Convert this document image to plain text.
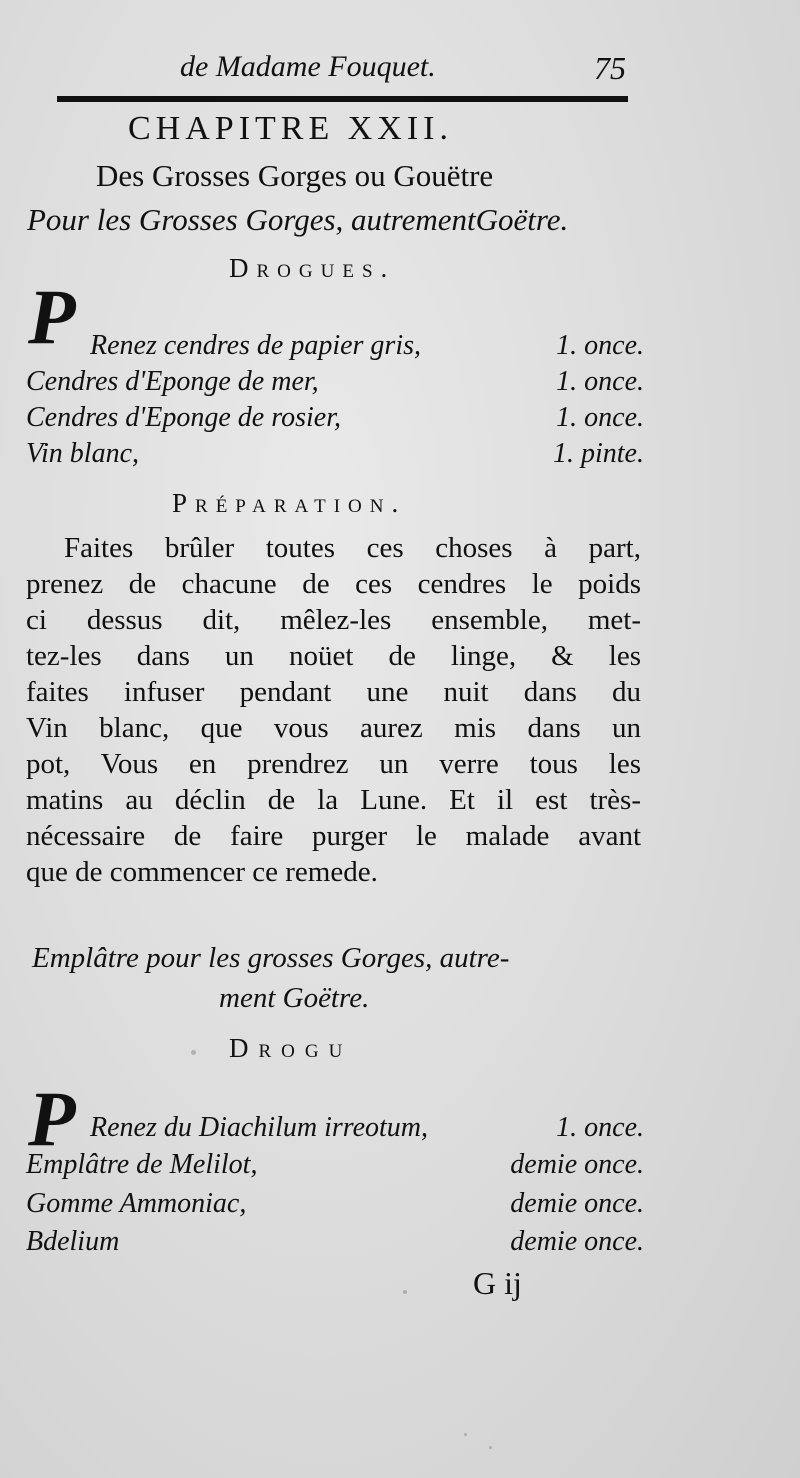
de Madame Fouquet.	75
CHAPITRE XXII.
Des Grosses Gorges ou Gouëtre
Pour les Grosses Gorges, autrementGoëtre.
Drogues.
P Renez cendres de papier gris,	1. once.
Cendres d'Eponge de mer,	1. once.
Cendres d'Eponge de rosier,	1. once.
Vin blanc,	1. pinte.
Préparation.
Faites brûler toutes ces choses à part,
prenez de chacune de ces cendres le poids
ci dessus dit, mêlez-les ensemble, met-
tez-les dans un noüet de linge, & les
faites infuser pendant une nuit dans du
Vin blanc, que vous aurez mis dans un
pot, Vous en prendrez un verre tous les
matins au déclin de la Lune. Et il est très-
nécessaire de faire purger le malade avant
que de commencer ce remede.
Emplâtre pour les grosses Gorges, autre-
ment Goëtre.
Drogu
P Renez du Diachilum irreotum,	1. once.
Emplâtre de Melilot,	demie once.
Gomme Ammoniac,	demie once.
Bdelium	demie once.
G ij
